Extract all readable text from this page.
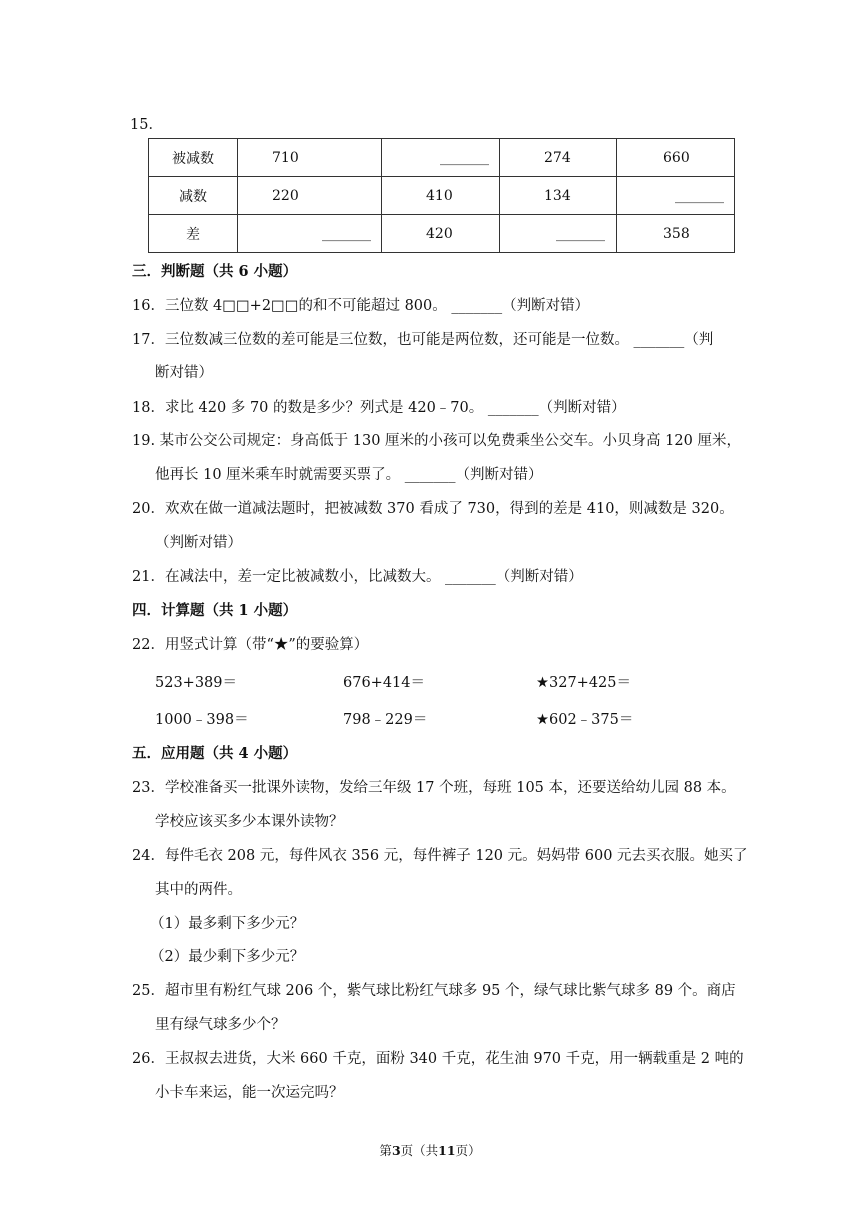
15．
被减数	710	_______	274	660
减数	220	410	134	_______
差	_______	420	_______	358
三．判断题（共 6 小题）
16．三位数 4□□+2□□的和不可能超过 800。 _______（判断对错）
17．三位数减三位数的差可能是三位数，也可能是两位数，还可能是一位数。 _______（判
断对错）
18．求比 420 多 70 的数是多少？列式是 420﹣70。 _______（判断对错）
19. 某市公交公司规定：身高低于 130 厘米的小孩可以免费乘坐公交车。小贝身高 120 厘米，
他再长 10 厘米乘车时就需要买票了。 _______（判断对错）
20．欢欢在做一道减法题时，把被减数 370 看成了 730，得到的差是 410，则减数是 320。
（判断对错）
21．在减法中，差一定比被减数小，比减数大。 _______（判断对错）
四．计算题（共 1 小题）
22．用竖式计算（带“★”的要验算）
523+389＝	676+414＝	★327+425＝
1000﹣398＝	798﹣229＝	★602﹣375＝
五．应用题（共 4 小题）
23．学校准备买一批课外读物，发给三年级 17 个班，每班 105 本，还要送给幼儿园 88 本。
学校应该买多少本课外读物？
24．每件毛衣 208 元，每件风衣 356 元，每件裤子 120 元。妈妈带 600 元去买衣服。她买了
其中的两件。
（1）最多剩下多少元？
（2）最少剩下多少元？
25．超市里有粉红气球 206 个，紫气球比粉红气球多 95 个，绿气球比紫气球多 89 个。商店
里有绿气球多少个？
26．王叔叔去进货，大米 660 千克，面粉 340 千克，花生油 970 千克，用一辆载重是 2 吨的
小卡车来运，能一次运完吗？
第3页（共11页）
